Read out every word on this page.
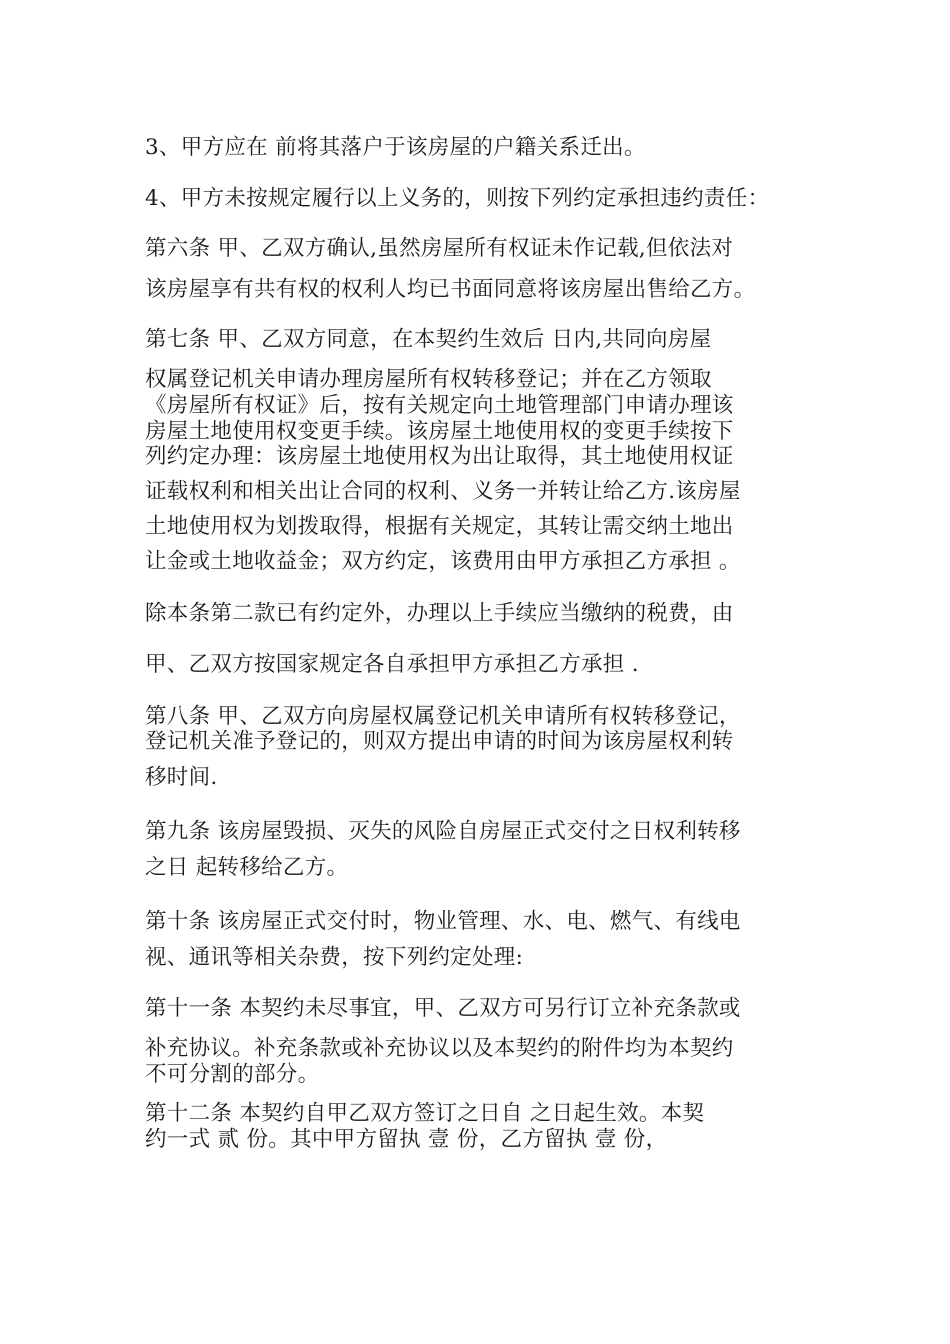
3、甲方应在 前将其落户于该房屋的户籍关系迁出。
4、甲方未按规定履行以上义务的，则按下列约定承担违约责任：
第六条 甲、乙双方确认,虽然房屋所有权证未作记载,但依法对
该房屋享有共有权的权利人均已书面同意将该房屋出售给乙方。
第七条 甲、乙双方同意，在本契约生效后 日内,共同向房屋
权属登记机关申请办理房屋所有权转移登记；并在乙方领取
《房屋所有权证》后，按有关规定向土地管理部门申请办理该
房屋土地使用权变更手续。该房屋土地使用权的变更手续按下
列约定办理：该房屋土地使用权为出让取得，其土地使用权证
证载权利和相关出让合同的权利、义务一并转让给乙方.该房屋
土地使用权为划拨取得，根据有关规定，其转让需交纳土地出
让金或土地收益金；双方约定，该费用由甲方承担乙方承担 。
除本条第二款已有约定外，办理以上手续应当缴纳的税费，由
甲、乙双方按国家规定各自承担甲方承担乙方承担 .
第八条 甲、乙双方向房屋权属登记机关申请所有权转移登记，
登记机关准予登记的，则双方提出申请的时间为该房屋权利转
移时间.
第九条 该房屋毁损、灭失的风险自房屋正式交付之日权利转移
之日 起转移给乙方。
第十条 该房屋正式交付时，物业管理、水、电、燃气、有线电
视、通讯等相关杂费，按下列约定处理:
第十一条 本契约未尽事宜，甲、乙双方可另行订立补充条款或
补充协议。补充条款或补充协议以及本契约的附件均为本契约
不可分割的部分。
第十二条 本契约自甲乙双方签订之日自 之日起生效。本契
约一式 贰 份。其中甲方留执 壹 份，乙方留执 壹 份，
